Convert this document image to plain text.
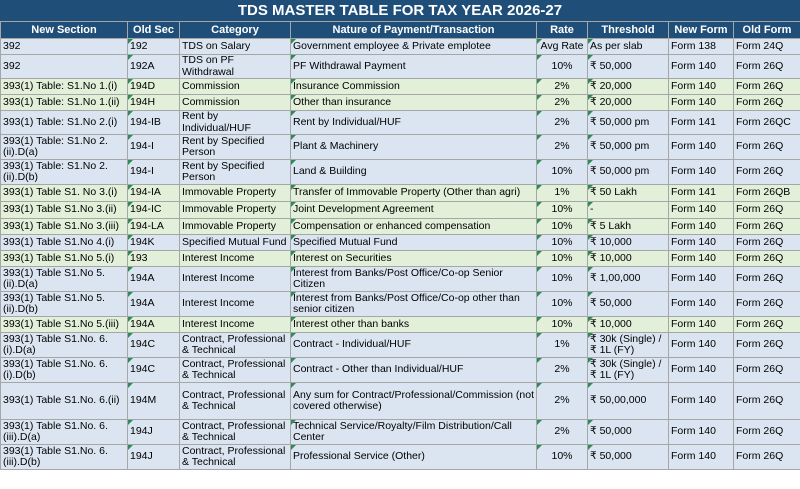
TDS MASTER TABLE FOR TAX YEAR 2026-27
New Section	Old Sec	Category	Nature of Payment/Transaction	Rate	Threshold	New Form	Old Form
392	192	TDS on Salary	Government employee & Private emplotee	Avg Rate	As per slab	Form 138	Form 24Q
392	192A	TDS on PF Withdrawal	PF Withdrawal Payment	10%	₹ 50,000	Form 140	Form 26Q
393(1) Table: S1.No 1.(i)	194D	Commission	Insurance Commission	2%	₹ 20,000	Form 140	Form 26Q
393(1) Table: S1.No 1.(ii)	194H	Commission	Other than insurance	2%	₹ 20,000	Form 140	Form 26Q
393(1) Table: S1.No 2.(i)	194-IB	Rent by Individual/HUF	Rent by Individual/HUF	2%	₹ 50,000 pm	Form 141	Form 26QC
393(1) Table: S1.No 2.(ii).D(a)	194-I	Rent by Specified Person	Plant & Machinery	2%	₹ 50,000 pm	Form 140	Form 26Q
393(1) Table: S1.No 2.(ii).D(b)	194-I	Rent by Specified Person	Land & Building	10%	₹ 50,000 pm	Form 140	Form 26Q
393(1) Table S1. No 3.(i)	194-IA	Immovable Property	Transfer of Immovable Property (Other than agri)	1%	₹ 50 Lakh	Form 141	Form 26QB
393(1) Table S1.No 3.(ii)	194-IC	Immovable Property	Joint Development Agreement	10%	-	Form 140	Form 26Q
393(1) Table S1.No 3.(iii)	194-LA	Immovable Property	Compensation or enhanced compensation	10%	₹ 5 Lakh	Form 140	Form 26Q
393(1) Table S1.No 4.(i)	194K	Specified Mutual Fund	Specified Mutual Fund	10%	₹ 10,000	Form 140	Form 26Q
393(1) Table S1.No 5.(i)	193	Interest Income	Interest on Securities	10%	₹ 10,000	Form 140	Form 26Q
393(1) Table S1.No 5.(ii).D(a)	194A	Interest Income	Interest from Banks/Post Office/Co-op Senior Citizen	10%	₹ 1,00,000	Form 140	Form 26Q
393(1) Table S1.No 5.(ii).D(b)	194A	Interest Income	Interest from Banks/Post Office/Co-op other than senior citizen	10%	₹ 50,000	Form 140	Form 26Q
393(1) Table S1.No 5.(iii)	194A	Interest Income	Interest other than banks	10%	₹ 10,000	Form 140	Form 26Q
393(1) Table S1.No. 6.(i).D(a)	194C	Contract, Professional & Technical	Contract - Individual/HUF	1%	₹ 30k (Single) / ₹ 1L (FY)	Form 140	Form 26Q
393(1) Table S1.No. 6.(i).D(b)	194C	Contract, Professional & Technical	Contract - Other than Individual/HUF	2%	₹ 30k (Single) / ₹ 1L (FY)	Form 140	Form 26Q
393(1) Table S1.No. 6.(ii)	194M	Contract, Professional & Technical	Any sum for Contract/Professional/Commission (not covered otherwise)	2%	₹ 50,00,000	Form 140	Form 26Q
393(1) Table S1.No. 6.(iii).D(a)	194J	Contract, Professional & Technical	Technical Service/Royalty/Film Distribution/Call Center	2%	₹ 50,000	Form 140	Form 26Q
393(1) Table S1.No. 6.(iii).D(b)	194J	Contract, Professional & Technical	Professional Service (Other)	10%	₹ 50,000	Form 140	Form 26Q
